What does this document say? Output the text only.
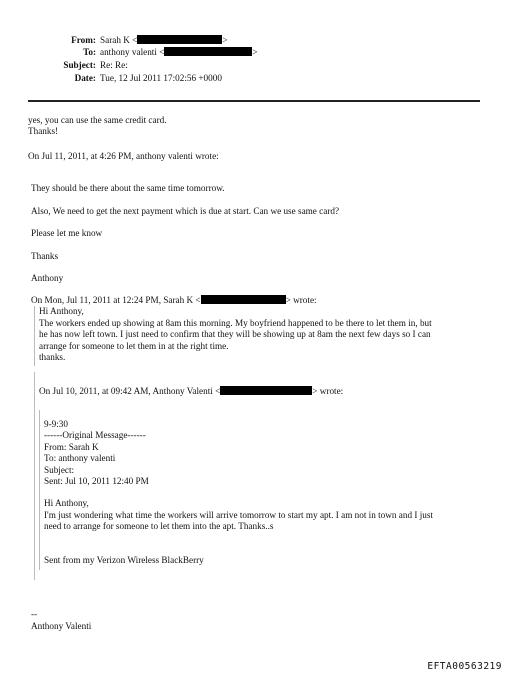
From: Sarah K <	>
To: anthony valenti <	>
Subject: Re: Re:
Date: Tue, 12 Jul 2011 17:02:56 +0000
yes, you can use the same credit card.
Thanks!
On Jul 11, 2011, at 4:26 PM, anthony valenti wrote:
They should be there about the same time tomorrow.
Also, We need to get the next payment which is due at start. Can we use same card?
Please let me know
Thanks
Anthony
On Mon, Jul 11, 2011 at 12:24 PM, Sarah K <	> wrote:
Hi Anthony,
The workers ended up showing at 8am this morning. My boyfriend happened to be there to let them in, but
he has now left town. I just need to confirm that they will be showing up at 8am the next few days so I can
arrange for someone to let them in at the right time.
thanks.
On Jul 10, 2011, at 09:42 AM, Anthony Valenti <	> wrote:
9-9:30
------Original Message------
From: Sarah K
To: anthony valenti
Subject:
Sent: Jul 10, 2011 12:40 PM
Hi Anthony,
I'm just wondering what time the workers will arrive tomorrow to start my apt. I am not in town and I just
need to arrange for someone to let them into the apt. Thanks..s
Sent from my Verizon Wireless BlackBerry
--
Anthony Valenti
EFTA00563219
